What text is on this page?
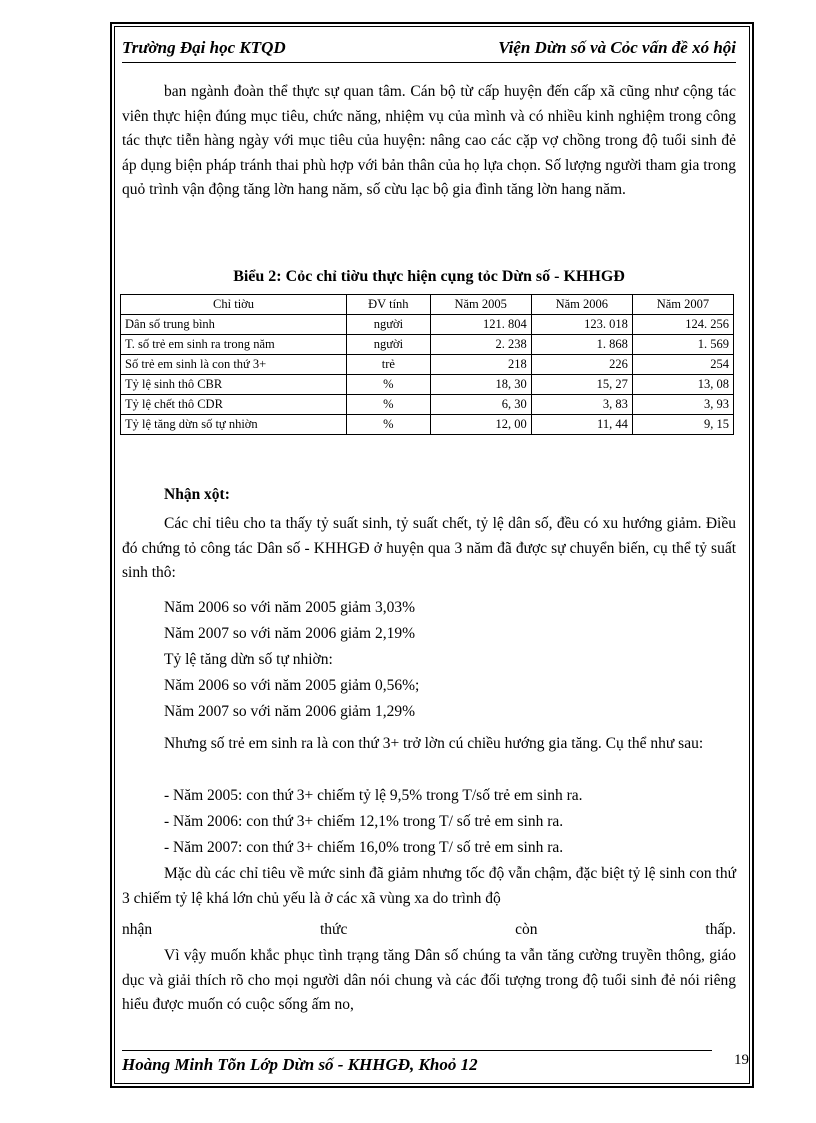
Trường Đại học KTQD	Viện Dừn số và Cỏc vấn đề xó hội
ban ngành đoàn thể thực sự quan tâm. Cán bộ từ cấp huyện đến cấp xã cũng như cộng tác viên thực hiện đúng mục tiêu, chức năng, nhiệm vụ của mình và có nhiều kinh nghiệm trong công tác thực tiễn hàng ngày với mục tiêu của huyện: nâng cao các cặp vợ chồng trong độ tuổi sinh đẻ áp dụng biện pháp tránh thai phù hợp với bản thân của họ lựa chọn. Số lượng người tham gia trong quỏ trình vận động tăng lờn hang năm, số cừu lạc bộ gia đình tăng lờn hang năm.
Biểu 2: Cỏc chỉ tiờu thực hiện cụng tỏc Dừn số - KHHGĐ
Chỉ tiờu	ĐV tính	Năm 2005	Năm 2006	Năm 2007
Dân số trung bình	người	121. 804	123. 018	124. 256
T. số trẻ em sinh ra trong năm	người	2. 238	1. 868	1. 569
Số trẻ em sinh là con thứ 3+	trẻ	218	226	254
Tỷ lệ sinh thô CBR	%	18, 30	15, 27	13, 08
Tỷ lệ chết thô CDR	%	6, 30	3, 83	3, 93
Tỷ lệ tăng dừn số tự nhiờn	%	12, 00	11, 44	9, 15
Nhận xột:
Các chỉ tiêu cho ta thấy tỷ suất sinh, tỷ suất chết, tỷ lệ dân số, đều có xu hướng giảm. Điều đó chứng tỏ công tác Dân số - KHHGĐ ở huyện qua 3 năm đã được sự chuyển biến, cụ thể tỷ suất sinh thô:
Năm 2006 so với năm 2005 giảm 3,03%
Năm 2007 so với năm 2006 giảm 2,19%
Tỷ lệ tăng dừn số tự nhiờn:
Năm 2006 so với năm 2005 giảm 0,56%;
Năm 2007 so với năm 2006 giảm 1,29%
Nhưng số trẻ em sinh ra là con thứ 3+ trở lờn cú chiều hướng gia tăng. Cụ thể như sau:
- Năm 2005: con thứ 3+ chiếm tỷ lệ 9,5% trong T/số trẻ em sinh ra.
- Năm 2006: con thứ 3+ chiếm 12,1% trong T/ số trẻ em sinh ra.
- Năm 2007: con thứ 3+ chiếm 16,0% trong T/ số trẻ em sinh ra.
Mặc dù các chỉ tiêu về mức sinh đã giảm nhưng tốc độ vẫn chậm, đặc biệt tỷ lệ sinh con thứ 3 chiếm tỷ lệ khá lớn chủ yếu là ở các xã vùng xa do trình độ
nhận	thức	còn	thấp.
Vì vậy muốn khắc phục tình trạng tăng Dân số chúng ta vẫn tăng cường truyền thông, giáo dục và giải thích rõ cho mọi người dân nói chung và các đối tượng trong độ tuổi sinh đẻ nói riêng hiểu được muốn có cuộc sống ấm no,
Hoàng Minh Tõn Lớp Dừn số - KHHGĐ, Khoỏ 12	19
